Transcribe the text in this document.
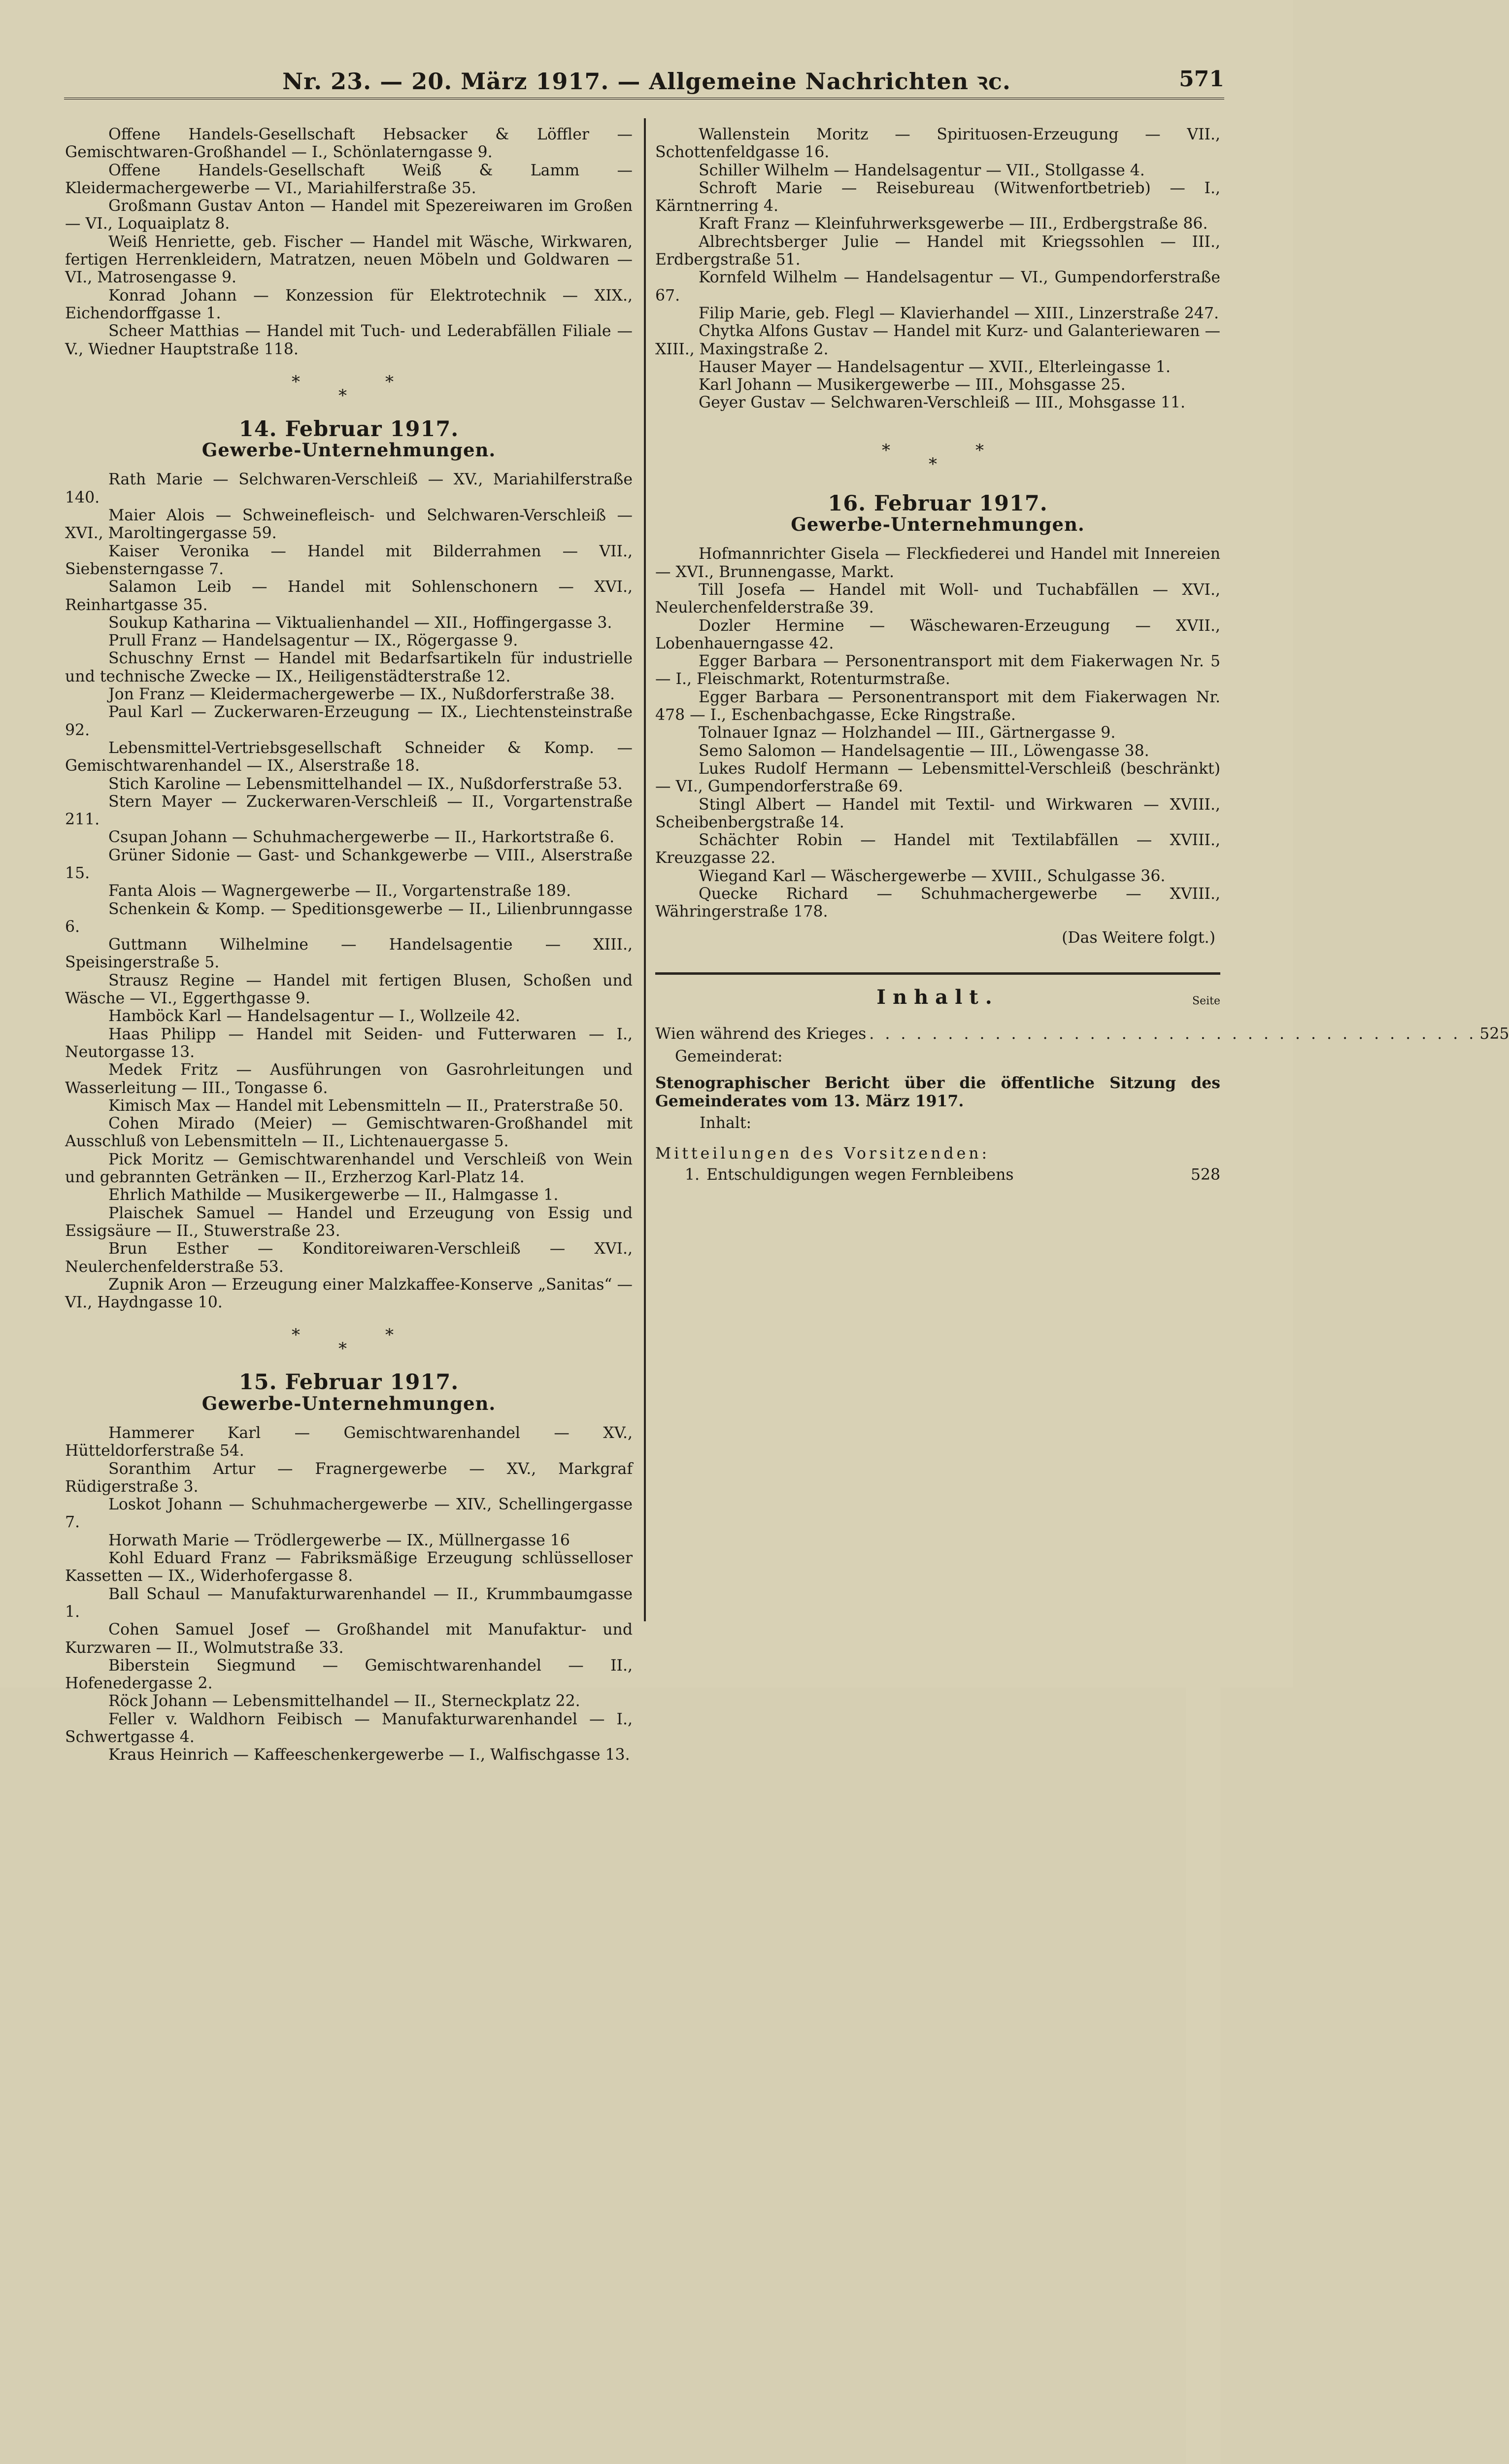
Nr. 23. — 20. März 1917. — Allgemeine Nachrichten ꝛc.	571

Offene Handels-Gesellschaft Hebsacker & Löffler — Gemischtwaren-Großhandel — I., Schönlaterngasse 9.

Offene Handels-Gesellschaft Weiß & Lamm — Kleidermachergewerbe — VI., Mariahilferstraße 35.

Großmann Gustav Anton — Handel mit Spezereiwaren im Großen — VI., Loquaiplatz 8.

Weiß Henriette, geb. Fischer — Handel mit Wäsche, Wirkwaren, fertigen Herrenkleidern, Matratzen, neuen Möbeln und Goldwaren — VI., Matrosengasse 9.

Konrad Johann — Konzession für Elektrotechnik — XIX., Eichendorffgasse 1.

Scheer Matthias — Handel mit Tuch- und Lederabfällen Filiale — V., Wiedner Hauptstraße 118.

*
*
*
14. Februar 1917.
Gewerbe-Unternehmungen.

Rath Marie — Selchwaren-Verschleiß — XV., Mariahilferstraße 140.

Maier Alois — Schweinefleisch- und Selchwaren-Verschleiß — XVI., Maroltingergasse 59.

Kaiser Veronika — Handel mit Bilderrahmen — VII., Siebensterngasse 7.

Salamon Leib — Handel mit Sohlenschonern — XVI., Reinhartgasse 35.

Soukup Katharina — Viktualienhandel — XII., Hoffingergasse 3.

Prull Franz — Handelsagentur — IX., Rögergasse 9.

Schuschny Ernst — Handel mit Bedarfsartikeln für industrielle und technische Zwecke — IX., Heiligenstädterstraße 12.

Jon Franz — Kleidermachergewerbe — IX., Nußdorferstraße 38.

Paul Karl — Zuckerwaren-Erzeugung — IX., Liechtensteinstraße 92.

Lebensmittel-Vertriebsgesellschaft Schneider & Komp. — Gemischtwarenhandel — IX., Alserstraße 18.

Stich Karoline — Lebensmittelhandel — IX., Nußdorferstraße 53.

Stern Mayer — Zuckerwaren-Verschleiß — II., Vorgartenstraße 211.

Csupan Johann — Schuhmachergewerbe — II., Harkortstraße 6.

Grüner Sidonie — Gast- und Schankgewerbe — VIII., Alserstraße 15.

Fanta Alois — Wagnergewerbe — II., Vorgartenstraße 189.

Schenkein & Komp. — Speditionsgewerbe — II., Lilienbrunngasse 6.

Guttmann Wilhelmine — Handelsagentie — XIII., Speisingerstraße 5.

Strausz Regine — Handel mit fertigen Blusen, Schoßen und Wäsche — VI., Eggerthgasse 9.

Hamböck Karl — Handelsagentur — I., Wollzeile 42.

Haas Philipp — Handel mit Seiden- und Futterwaren — I., Neutorgasse 13.

Medek Fritz — Ausführungen von Gasrohrleitungen und Wasserleitung — III., Tongasse 6.

Kimisch Max — Handel mit Lebensmitteln — II., Praterstraße 50.

Cohen Mirado (Meier) — Gemischtwaren-Großhandel mit Ausschluß von Lebensmitteln — II., Lichtenauergasse 5.

Pick Moritz — Gemischtwarenhandel und Verschleiß von Wein und gebrannten Getränken — II., Erzherzog Karl-Platz 14.

Ehrlich Mathilde — Musikergewerbe — II., Halmgasse 1.

Plaischek Samuel — Handel und Erzeugung von Essig und Essigsäure — II., Stuwerstraße 23.

Brun Esther — Konditoreiwaren-Verschleiß — XVI., Neulerchenfelderstraße 53.

Zupnik Aron — Erzeugung einer Malzkaffee-Konserve „Sanitas“ — VI., Haydngasse 10.

*
*
*
15. Februar 1917.
Gewerbe-Unternehmungen.

Hammerer Karl — Gemischtwarenhandel — XV., Hütteldorferstraße 54.

Soranthim Artur — Fragnergewerbe — XV., Markgraf Rüdigerstraße 3.

Loskot Johann — Schuhmachergewerbe — XIV., Schellingergasse 7.

Horwath Marie — Trödlergewerbe — IX., Müllnergasse 16

Kohl Eduard Franz — Fabriksmäßige Erzeugung schlüsselloser Kassetten — IX., Widerhofergasse 8.

Ball Schaul — Manufakturwarenhandel — II., Krummbaumgasse 1.

Cohen Samuel Josef — Großhandel mit Manufaktur- und Kurzwaren — II., Wolmutstraße 33.

Biberstein Siegmund — Gemischtwarenhandel — II., Hofenedergasse 2.

Röck Johann — Lebensmittelhandel — II., Sterneckplatz 22.

Feller v. Waldhorn Feibisch — Manufakturwarenhandel — I., Schwertgasse 4.

Kraus Heinrich — Kaffeeschenkergewerbe — I., Walfischgasse 13.

Wallenstein Moritz — Spirituosen-Erzeugung — VII., Schottenfeldgasse 16.

Schiller Wilhelm — Handelsagentur — VII., Stollgasse 4.

Schroft Marie — Reisebureau (Witwenfortbetrieb) — I., Kärntnerring 4.

Kraft Franz — Kleinfuhrwerksgewerbe — III., Erdbergstraße 86.

Albrechtsberger Julie — Handel mit Kriegssohlen — III., Erdbergstraße 51.

Kornfeld Wilhelm — Handelsagentur — VI., Gumpendorferstraße 67.

Filip Marie, geb. Flegl — Klavierhandel — XIII., Linzerstraße 247.

Chytka Alfons Gustav — Handel mit Kurz- und Galanteriewaren — XIII., Maxingstraße 2.

Hauser Mayer — Handelsagentur — XVII., Elterleingasse 1.

Karl Johann — Musikergewerbe — III., Mohsgasse 25.

Geyer Gustav — Selchwaren-Verschleiß — III., Mohsgasse 11.

*
*
*
16. Februar 1917.
Gewerbe-Unternehmungen.

Hofmannrichter Gisela — Fleckfiederei und Handel mit Innereien — XVI., Brunnengasse, Markt.

Till Josefa — Handel mit Woll- und Tuchabfällen — XVI., Neulerchenfelderstraße 39.

Dozler Hermine — Wäschewaren-Erzeugung — XVII., Lobenhauerngasse 42.

Egger Barbara — Personentransport mit dem Fiakerwagen Nr. 5 — I., Fleischmarkt, Rotenturmstraße.

Egger Barbara — Personentransport mit dem Fiakerwagen Nr. 478 — I., Eschenbachgasse, Ecke Ringstraße.

Tolnauer Ignaz — Holzhandel — III., Gärtnergasse 9.

Semo Salomon — Handelsagentie — III., Löwengasse 38.

Lukes Rudolf Hermann — Lebensmittel-Verschleiß (beschränkt) — VI., Gumpendorferstraße 69.

Stingl Albert — Handel mit Textil- und Wirkwaren — XVIII., Scheibenbergstraße 14.

Schächter Robin — Handel mit Textilabfällen — XVIII., Kreuzgasse 22.

Wiegand Karl — Wäschergewerbe — XVIII., Schulgasse 36.

Quecke Richard — Schuhmachergewerbe — XVIII., Währingerstraße 178.

(Das Weitere folgt.)
Inhalt.	Seite
Wien während des Krieges . . . . . . . . . . . . . . . . . . . . . . . . . . . . . . . . . . . . . . . 525
Gemeinderat:
Stenographischer Bericht über die öffentliche Sitzung des Gemeinderates vom 13. März 1917.
Inhalt:
Mitteilungen des Vorsitzenden:
1. Entschuldigungen wegen Fernbleibens	528
